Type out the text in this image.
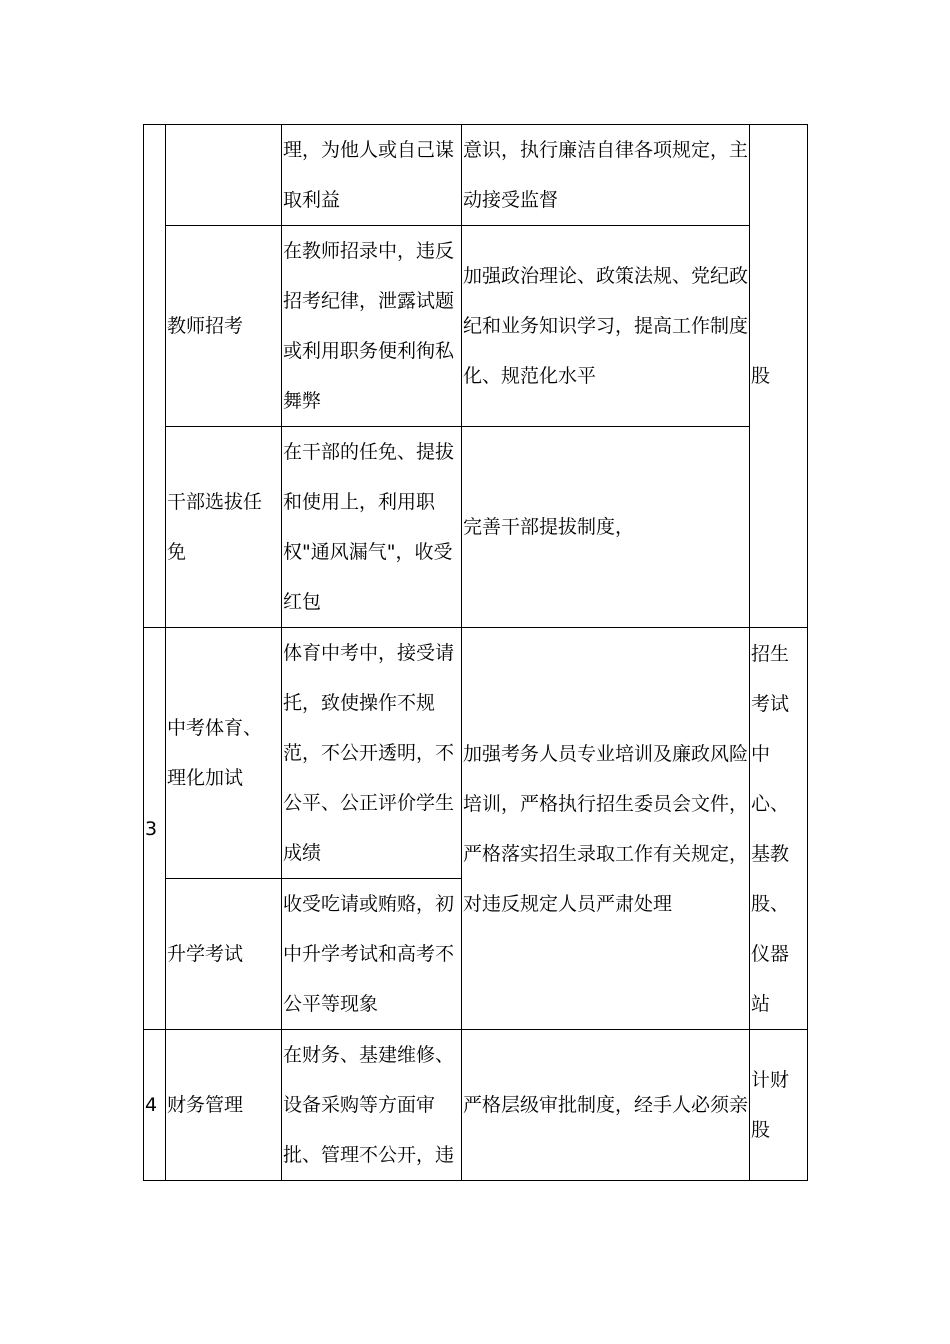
		理，为他人或自己谋取利益	意识，执行廉洁自律各项规定，主动接受监督	股

	教师招考	在教师招录中，违反招考纪律，泄露试题或利用职务便利徇私舞弊	加强政治理论、政策法规、党纪政纪和业务知识学习，提高工作制度化、规范化水平	

	干部选拔任免	在干部的任免、提拔和使用上，利用职权"通风漏气"，收受红包	完善干部提拔制度，	

3	中考体育、理化加试	体育中考中，接受请托，致使操作不规范，不公开透明，不公平、公正评价学生成绩	加强考务人员专业培训及廉政风险培训，严格执行招生委员会文件，严格落实招生录取工作有关规定，对违反规定人员严肃处理	招生考试中心、基教股、仪器站

	升学考试	收受吃请或贿赂，初中升学考试和高考不公平等现象		

4	财务管理	在财务、基建维修、设备采购等方面审批、管理不公开，违	严格层级审批制度，经手人必须亲	计财股
